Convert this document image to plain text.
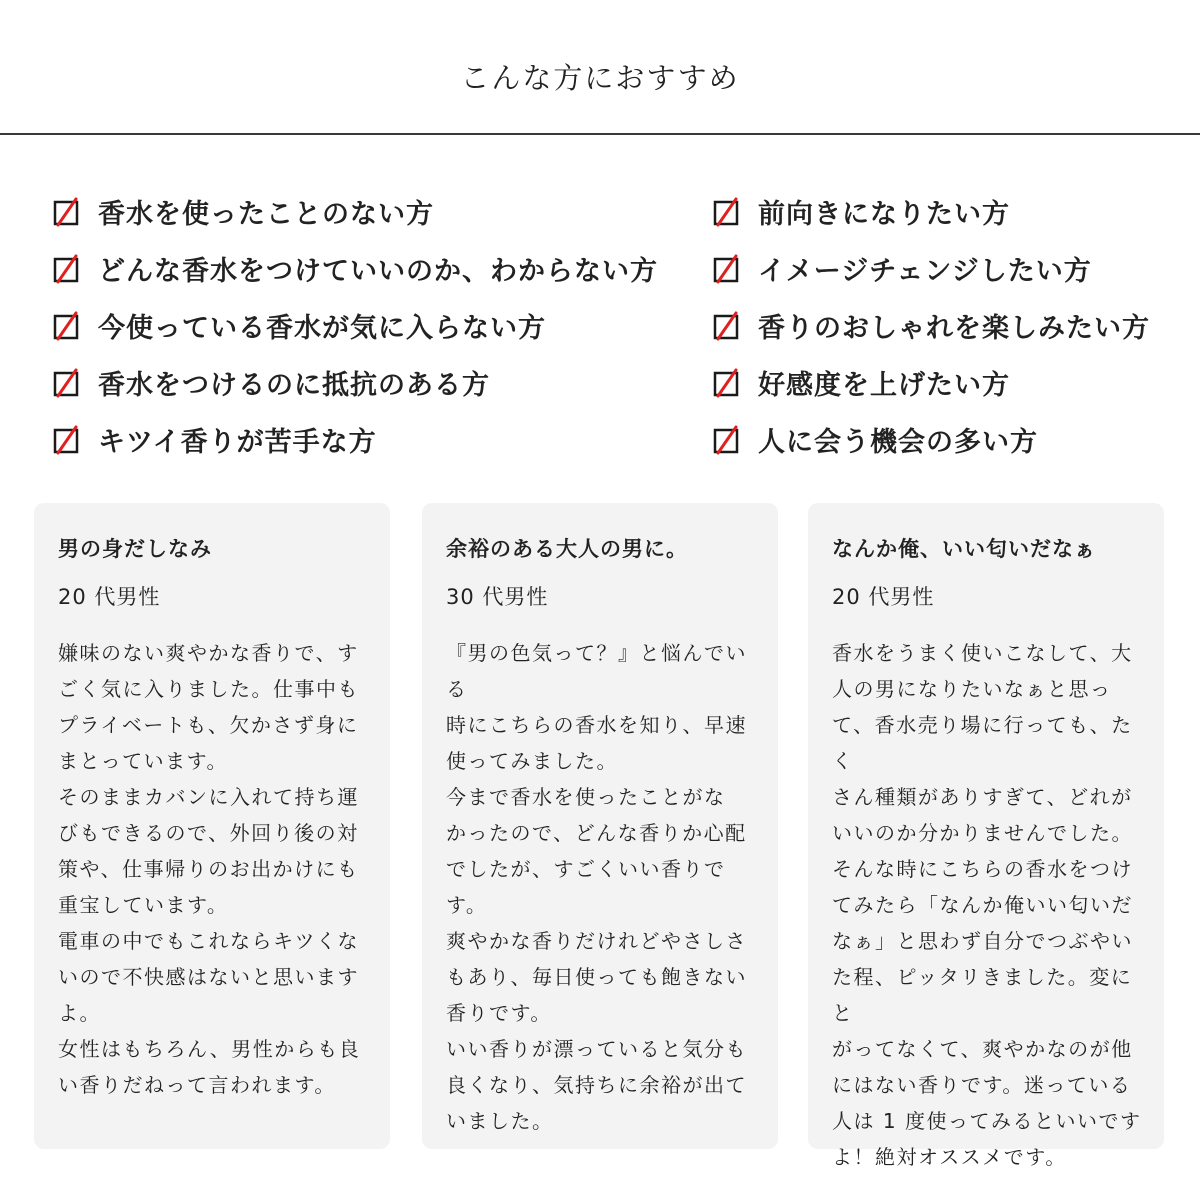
こんな方におすすめ
香水を使ったことのない方
どんな香水をつけていいのか、わからない方
今使っている香水が気に入らない方
香水をつけるのに抵抗のある方
キツイ香りが苦手な方
前向きになりたい方
イメージチェンジしたい方
香りのおしゃれを楽しみたい方
好感度を上げたい方
人に会う機会の多い方
男の身だしなみ
20 代男性

嫌味のない爽やかな香りで、す

ごく気に入りました。仕事中も

プライベートも、欠かさず身に

まとっています。

そのままカバンに入れて持ち運

びもできるので、外回り後の対

策や、仕事帰りのお出かけにも

重宝しています。

電車の中でもこれならキツくな

いので不快感はないと思います

よ。

女性はもちろん、男性からも良

い香りだねって言われます。

余裕のある大人の男に。
30 代男性

『男の色気って？』と悩んでいる

時にこちらの香水を知り、早速

使ってみました。

今まで香水を使ったことがな

かったので、どんな香りか心配

でしたが、すごくいい香りです。

爽やかな香りだけれどやさしさ

もあり、毎日使っても飽きない

香りです。

いい香りが漂っていると気分も

良くなり、気持ちに余裕が出て

いました。

なんか俺、いい匂いだなぁ
20 代男性

香水をうまく使いこなして、大

人の男になりたいなぁと思っ

て、香水売り場に行っても、たく

さん種類がありすぎて、どれが

いいのか分かりませんでした。

そんな時にこちらの香水をつけ

てみたら「なんか俺いい匂いだ

なぁ」と思わず自分でつぶやい

た程、ピッタリきました。変にと

がってなくて、爽やかなのが他

にはない香りです。迷っている

人は 1 度使ってみるといいです

よ！絶対オススメです。
